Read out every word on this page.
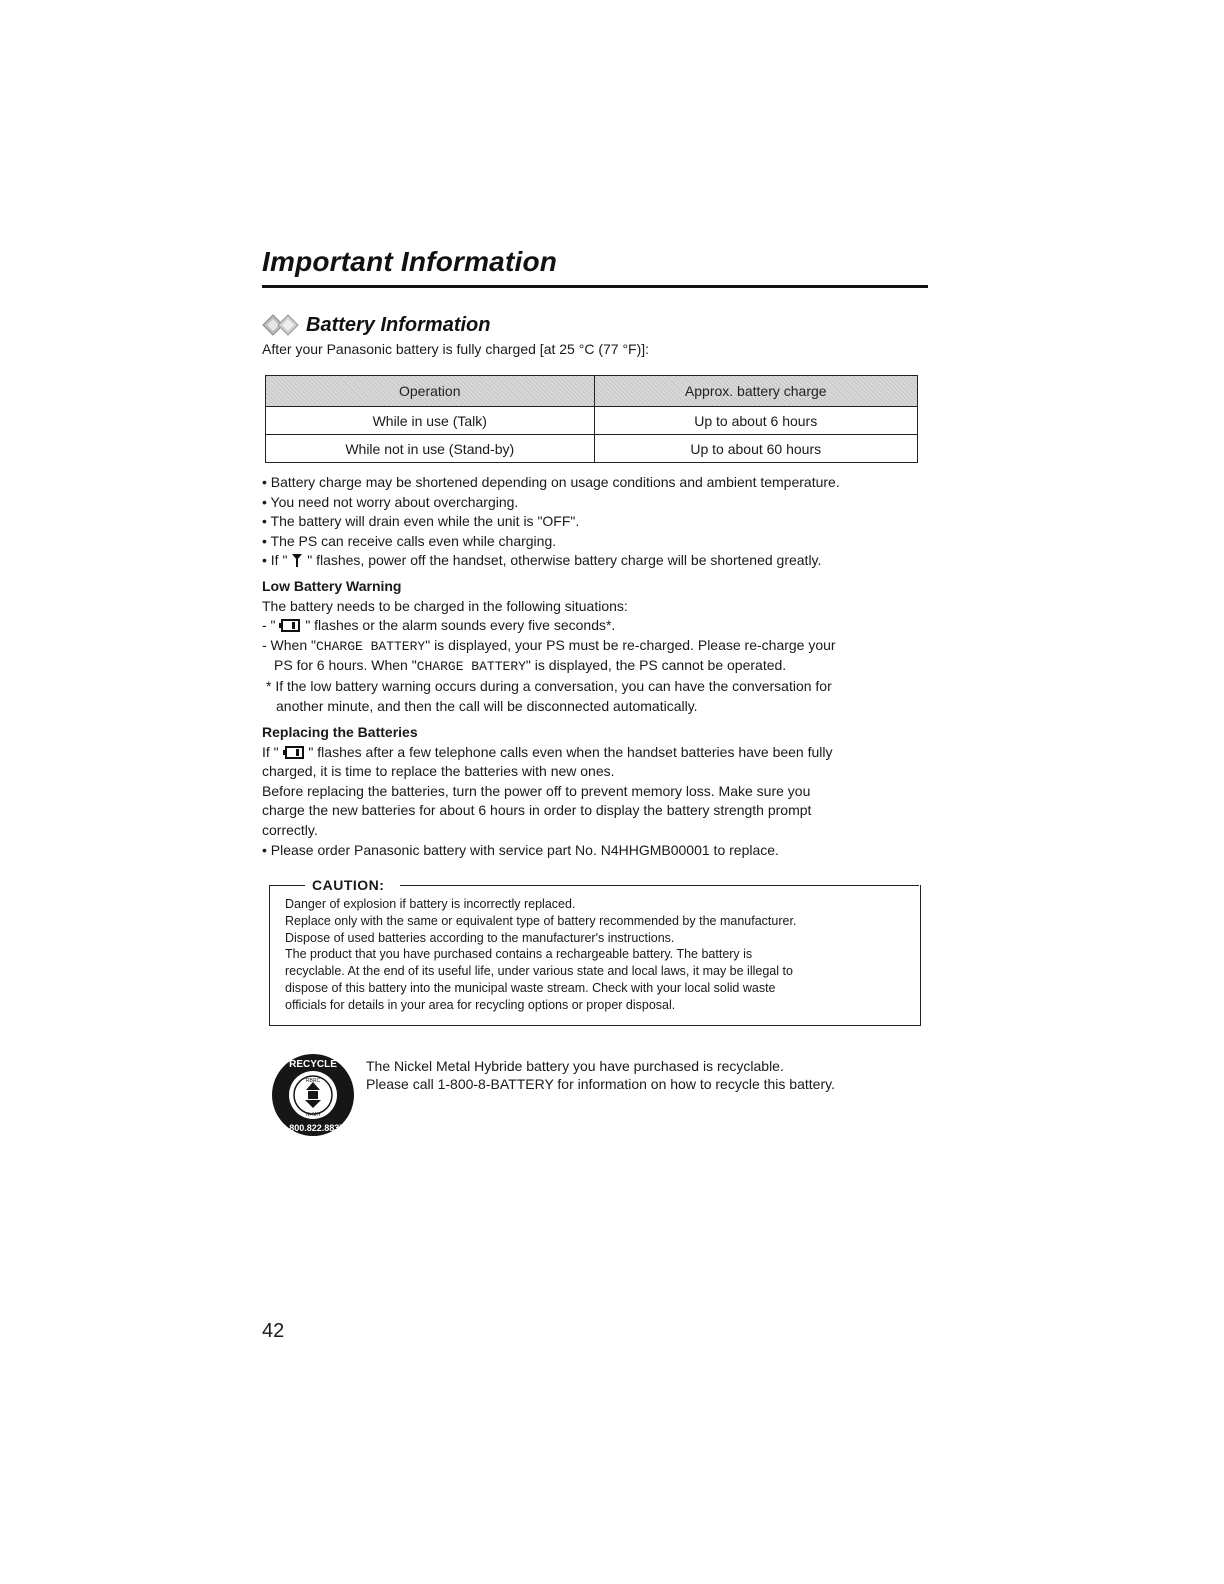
Important Information
Battery Information
After your Panasonic battery is fully charged [at 25 °C (77 °F)]:
Operation	Approx. battery charge
While in use (Talk)	Up to about 6 hours
While not in use (Stand-by)	Up to about 60 hours
• Battery charge may be shortened depending on usage conditions and ambient temperature.
• You need not worry about overcharging.
• The battery will drain even while the unit is "OFF".
• The PS can receive calls even while charging.
• If " " flashes, power off the handset, otherwise battery charge will be shortened greatly.
Low Battery Warning
The battery needs to be charged in the following situations:
- " " flashes or the alarm sounds every five seconds*.
- When "CHARGE BATTERY" is displayed, your PS must be re-charged. Please re-charge your
PS for 6 hours. When "CHARGE BATTERY" is displayed, the PS cannot be operated.
* If the low battery warning occurs during a conversation, you can have the conversation for
another minute, and then the call will be disconnected automatically.
Replacing the Batteries
If " " flashes after a few telephone calls even when the handset batteries have been fully
charged, it is time to replace the batteries with new ones.
Before replacing the batteries, turn the power off to prevent memory loss. Make sure you
charge the new batteries for about 6 hours in order to display the battery strength prompt
correctly.
• Please order Panasonic battery with service part No. N4HHGMB00001 to replace.
CAUTION:
Danger of explosion if battery is incorrectly replaced.
Replace only with the same or equivalent type of battery recommended by the manufacturer.
Dispose of used batteries according to the manufacturer's instructions.
The product that you have purchased contains a rechargeable battery. The battery is
recyclable. At the end of its useful life, under various state and local laws, it may be illegal to
dispose of this battery into the municipal waste stream. Check with your local solid waste
officials for details in your area for recycling options or proper disposal.
RECYCLE
1.800.822.8837
RBRC
Ni-MH
The Nickel Metal Hybride battery you have purchased is recyclable.
Please call 1-800-8-BATTERY for information on how to recycle this battery.
42
